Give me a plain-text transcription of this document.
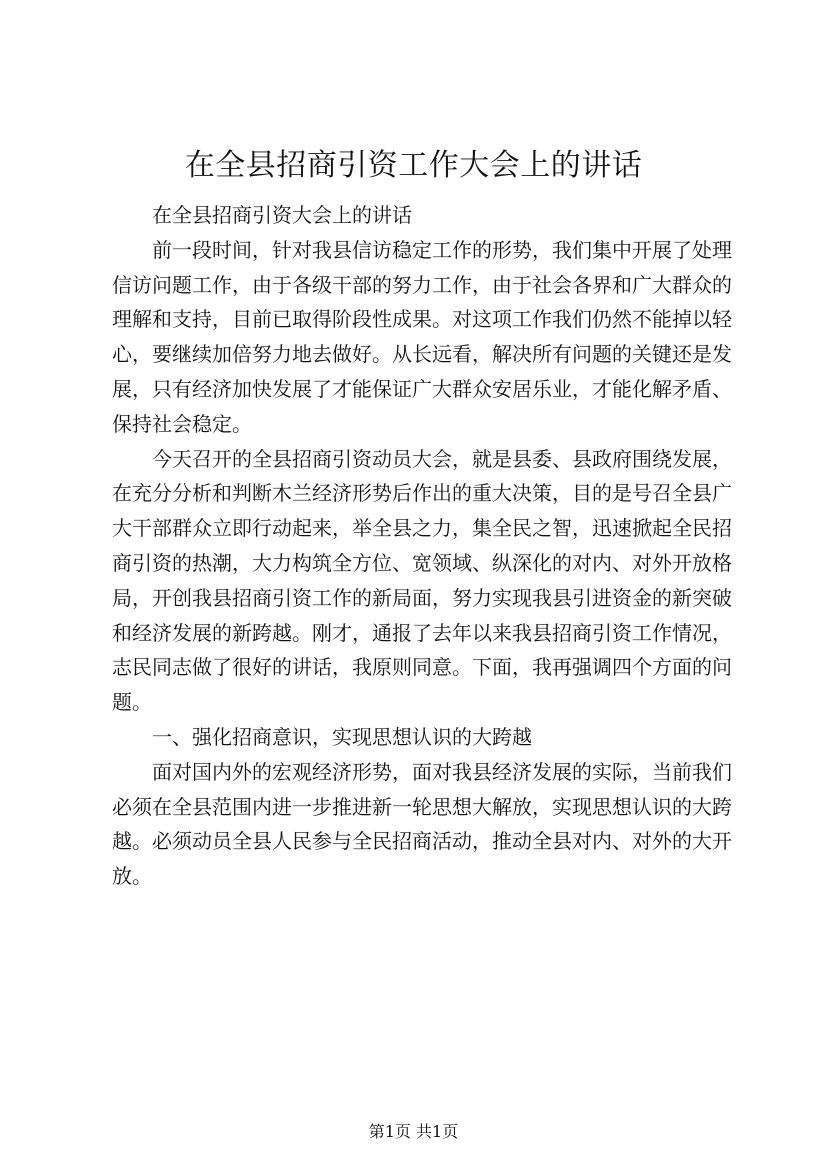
在全县招商引资工作大会上的讲话

在全县招商引资大会上的讲话

前一段时间，针对我县信访稳定工作的形势，我们集中开展了处理信访问题工作，由于各级干部的努力工作，由于社会各界和广大群众的理解和支持，目前已取得阶段性成果。对这项工作我们仍然不能掉以轻心，要继续加倍努力地去做好。从长远看，解决所有问题的关键还是发展，只有经济加快发展了才能保证广大群众安居乐业，才能化解矛盾、保持社会稳定。

今天召开的全县招商引资动员大会，就是县委、县政府围绕发展，在充分分析和判断木兰经济形势后作出的重大决策，目的是号召全县广大干部群众立即行动起来，举全县之力，集全民之智，迅速掀起全民招商引资的热潮，大力构筑全方位、宽领域、纵深化的对内、对外开放格局，开创我县招商引资工作的新局面，努力实现我县引进资金的新突破和经济发展的新跨越。刚才，通报了去年以来我县招商引资工作情况，志民同志做了很好的讲话，我原则同意。下面，我再强调四个方面的问题。

一、强化招商意识，实现思想认识的大跨越

面对国内外的宏观经济形势，面对我县经济发展的实际，当前我们必须在全县范围内进一步推进新一轮思想大解放，实现思想认识的大跨越。必须动员全县人民参与全民招商活动，推动全县对内、对外的大开放。

第1页 共1页
